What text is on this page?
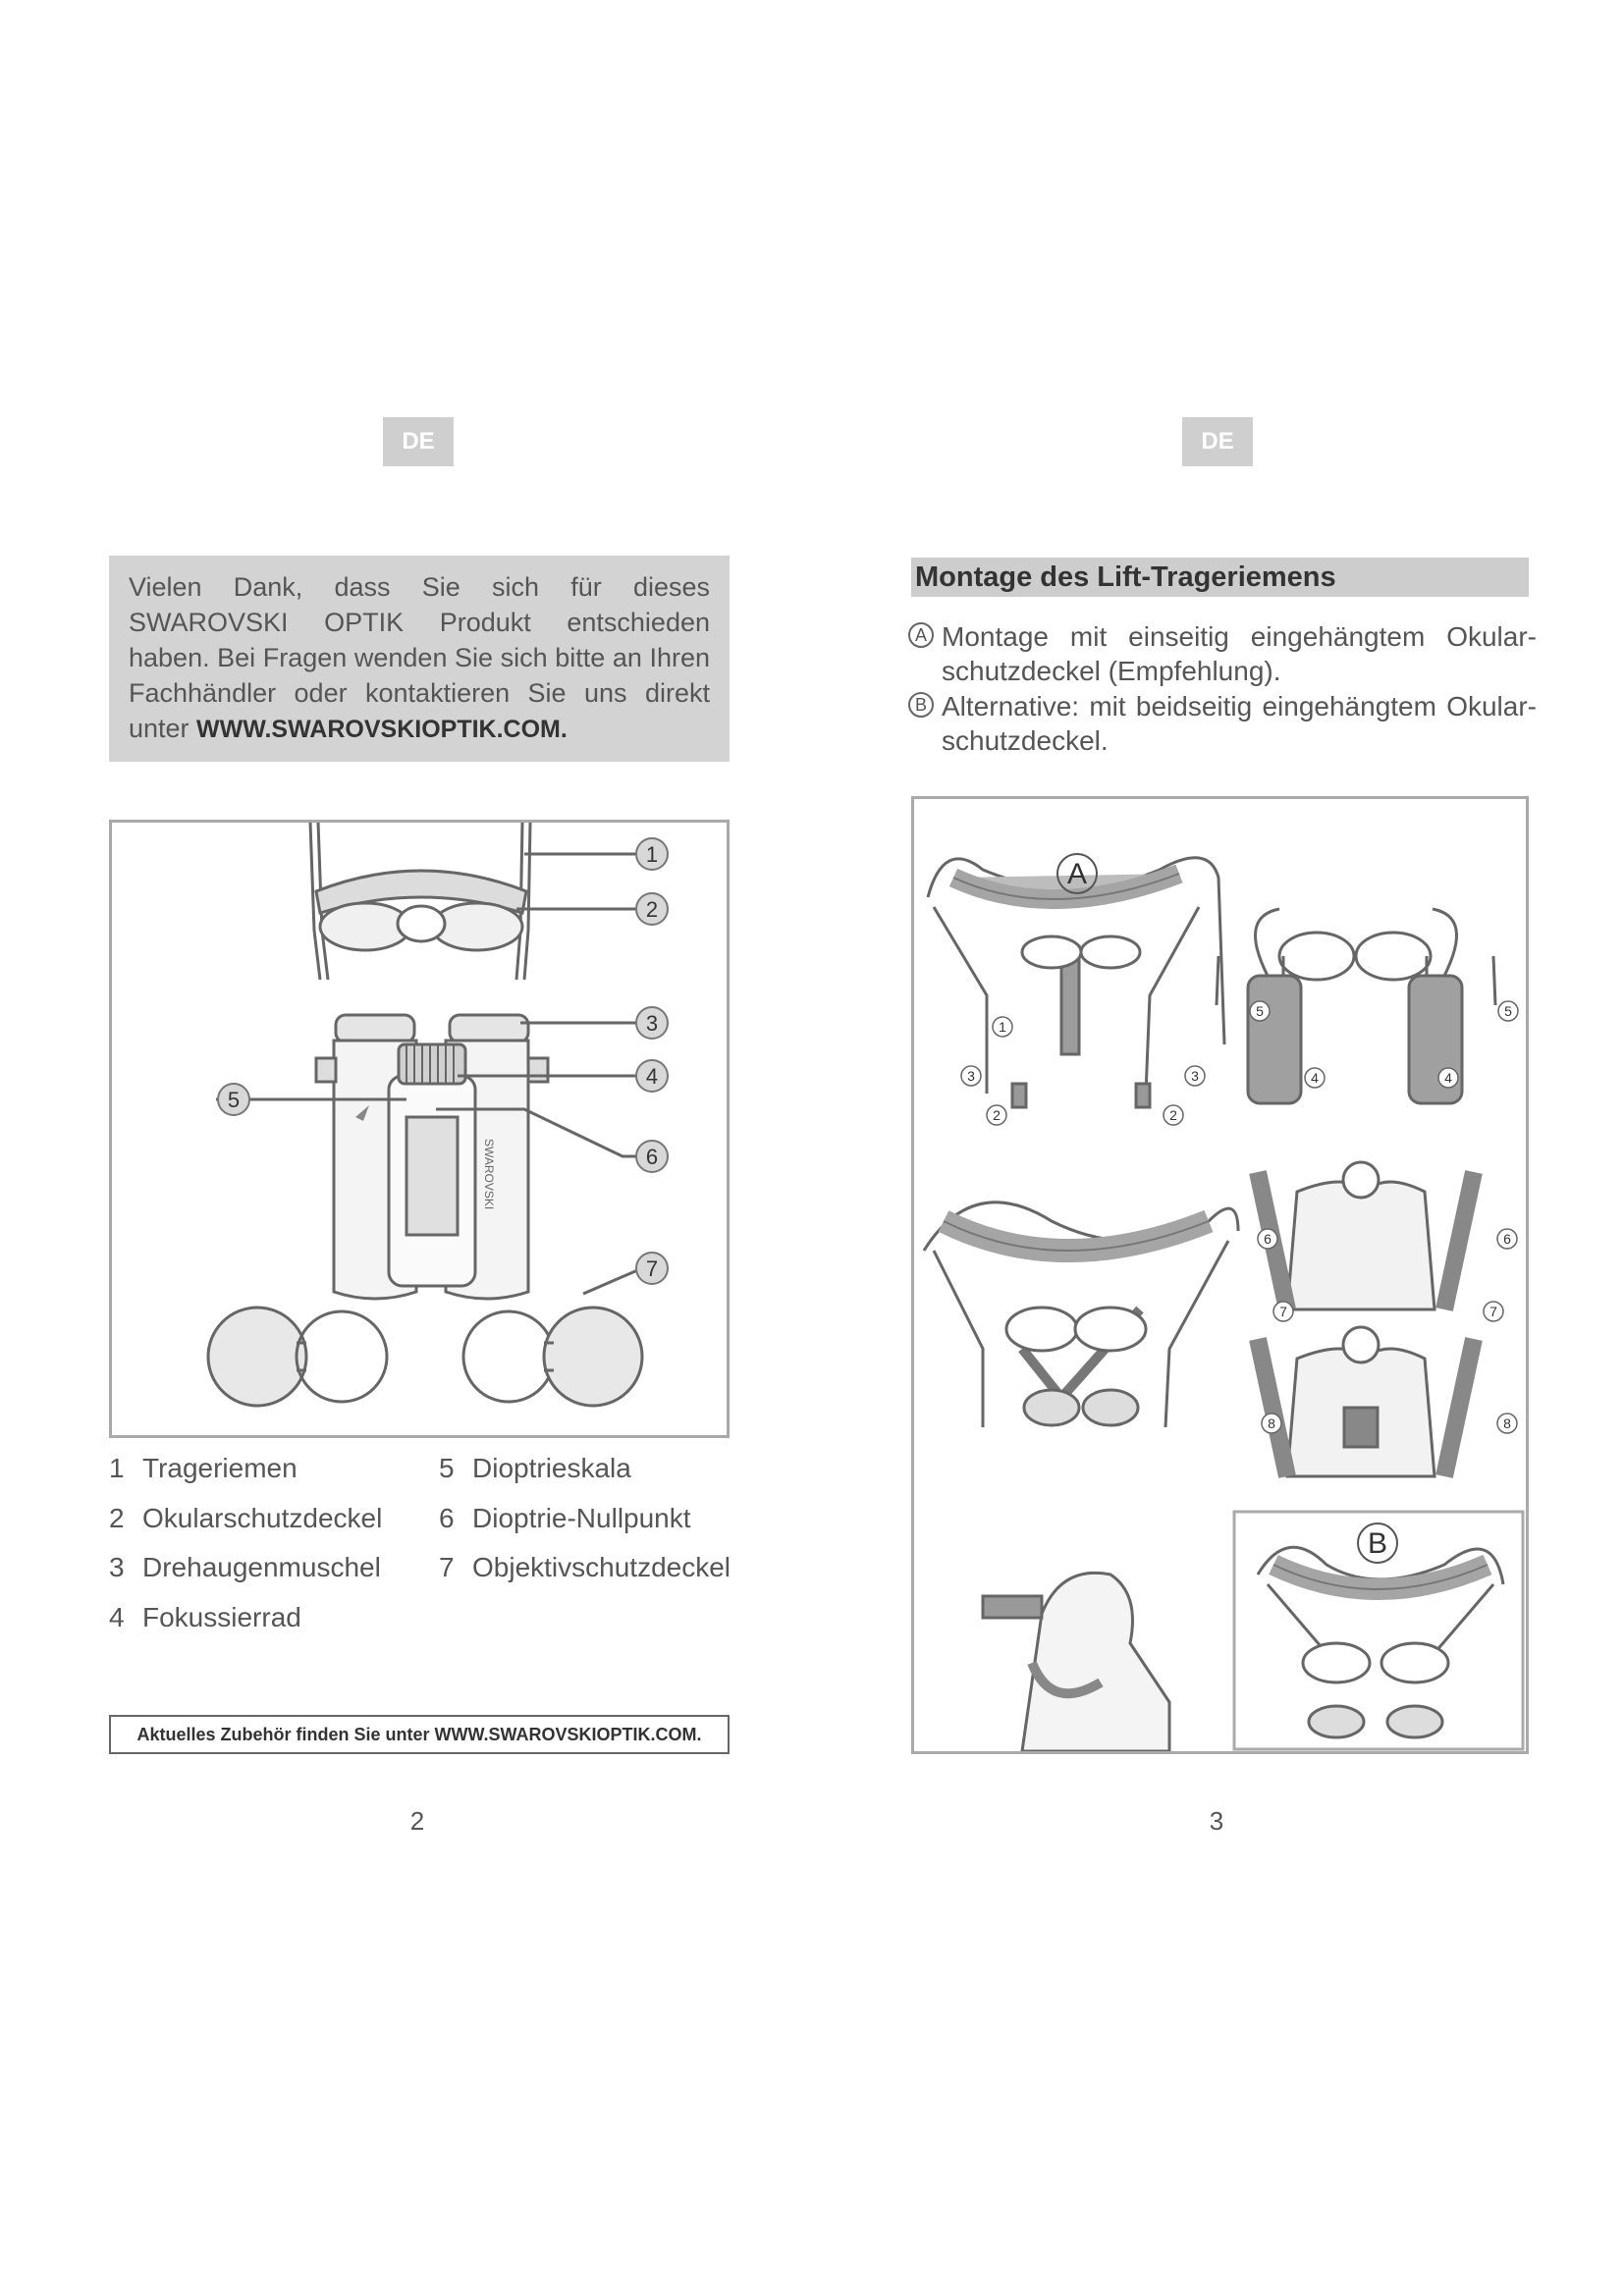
DE
Vielen Dank, dass Sie sich für dieses SWAROVSKI OPTIK Produkt entschieden haben. Bei Fragen wenden Sie sich bitte an Ihren Fachhändler oder kontaktieren Sie uns direkt unter WWW.SWAROVSKIOPTIK.COM.
SWAROVSKI
1
2
3
4
5
6
7
1 Trageriemen
2 Okularschutzdeckel
3 Drehaugenmuschel
4 Fokussierrad
5 Dioptrieskala
6 Dioptrie-Nullpunkt
7 Objektivschutzdeckel
Aktuelles Zubehör finden Sie unter WWW.SWAROVSKIOPTIK.COM.
2
DE
Montage des Lift-Trageriemens
A Montage mit einseitig eingehängtem Okular-schutzdeckel (Empfehlung).
B Alternative: mit beidseitig eingehängtem Okular-schutzdeckel.
SWAROVSKI OPTIK
A
B
1
2	2
3	3	4	4
5	5
6	6
7	7
8	8
3
